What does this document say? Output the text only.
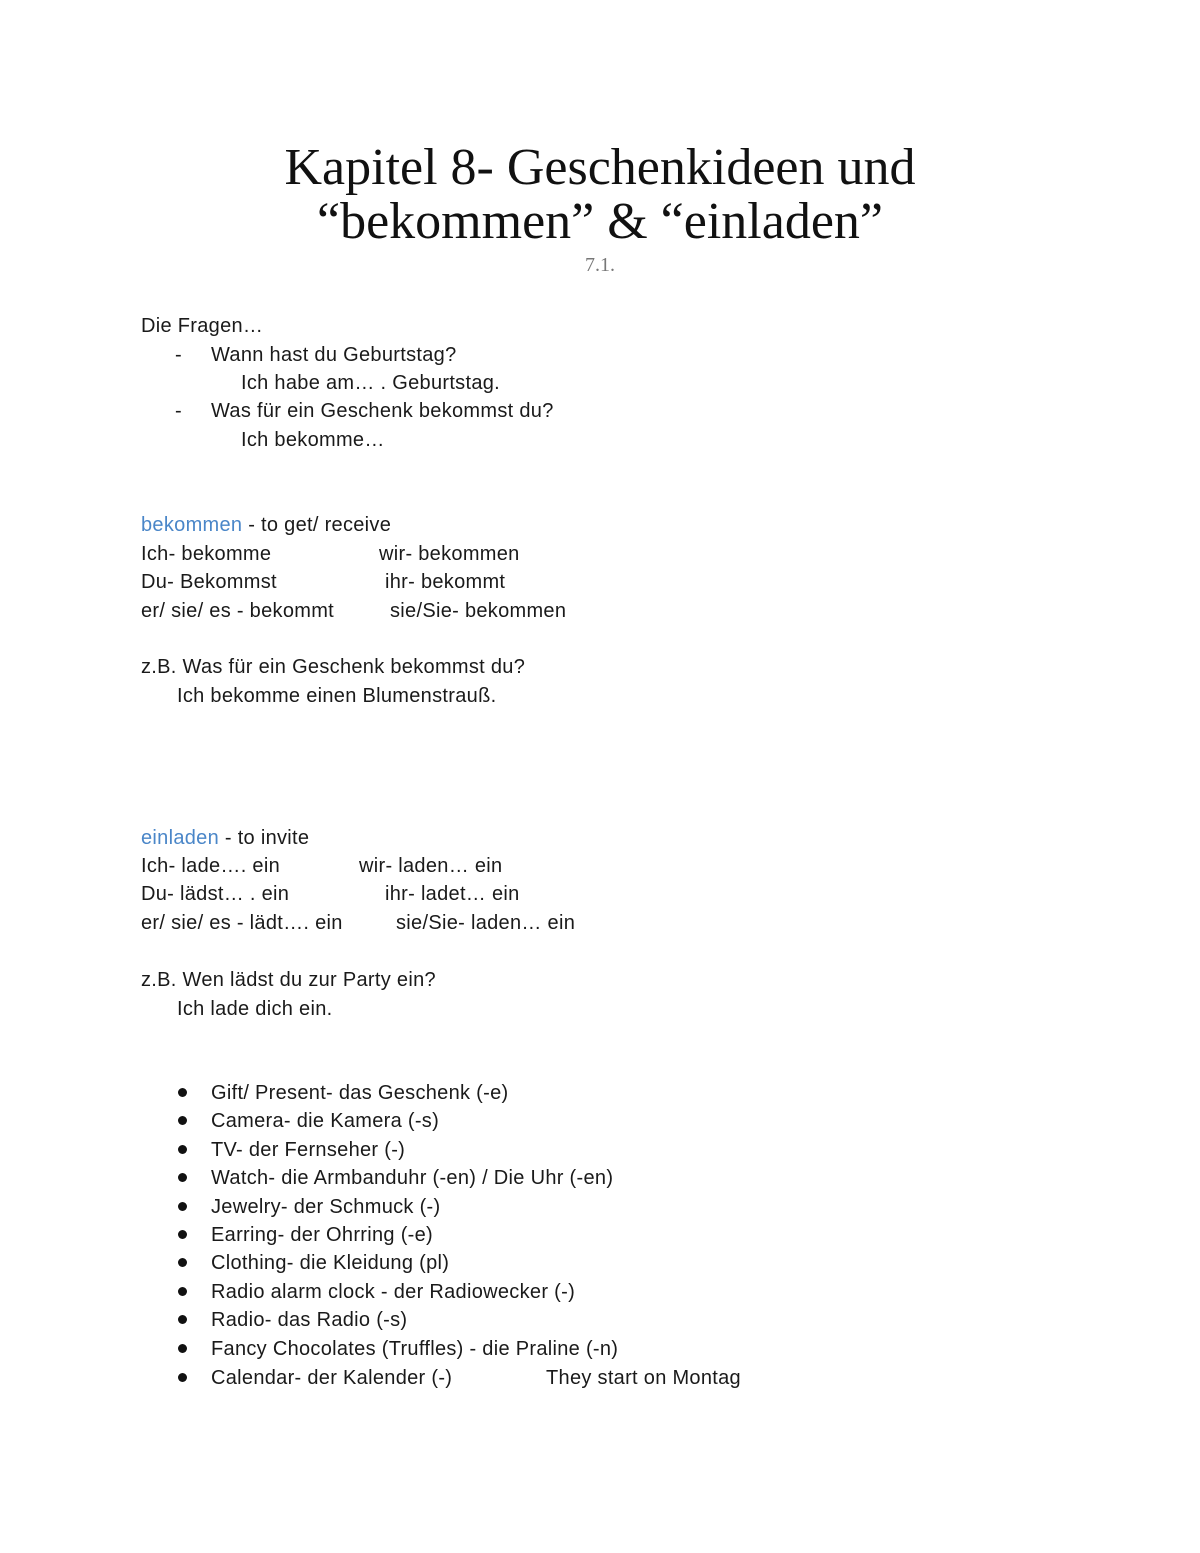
Kapitel 8- Geschenkideen und
“bekommen” & “einladen”
7.1.
Die Fragen…
- Wann hast du Geburtstag?
Ich habe am… . Geburtstag.
- Was für ein Geschenk bekommst du?
Ich bekomme…
bekommen - to get/ receive
Ich- bekomme	wir- bekommen
Du- Bekommst	ihr- bekommt
er/ sie/ es - bekommt	sie/Sie- bekommen
z.B. Was für ein Geschenk bekommst du?
Ich bekomme einen Blumenstrauß.
einladen - to invite
Ich- lade…. ein	wir- laden… ein
Du- lädst… . ein	ihr- ladet… ein
er/ sie/ es - lädt…. ein	sie/Sie- laden… ein
z.B. Wen lädst du zur Party ein?
Ich lade dich ein.
Gift/ Present- das Geschenk (-e)
Camera- die Kamera (-s)
TV- der Fernseher (-)
Watch- die Armbanduhr (-en) / Die Uhr (-en)
Jewelry- der Schmuck (-)
Earring- der Ohrring (-e)
Clothing- die Kleidung (pl)
Radio alarm clock - der Radiowecker (-)
Radio- das Radio (-s)
Fancy Chocolates (Truffles) - die Praline (-n)
Calendar- der Kalender (-)	They start on Montag
